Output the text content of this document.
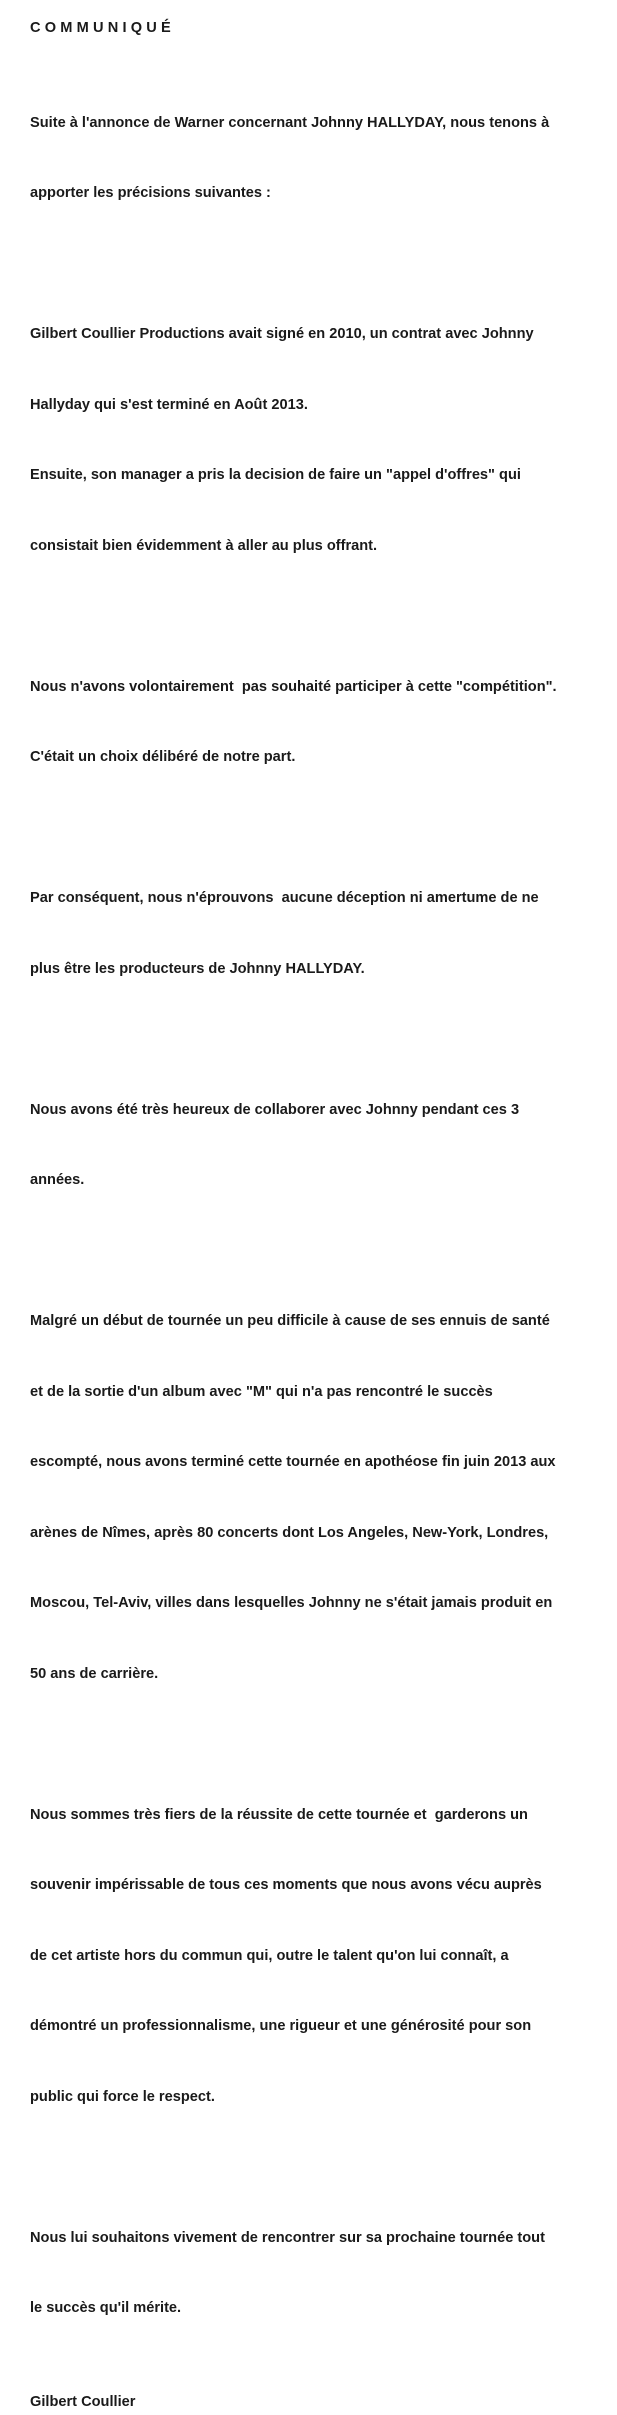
COMMUNIQUÉ

Suite à l'annonce de Warner concernant Johnny HALLYDAY, nous tenons à

apporter les précisions suivantes :

Gilbert Coullier Productions avait signé en 2010, un contrat avec Johnny

Hallyday qui s'est terminé en Août 2013.

Ensuite, son manager a pris la decision de faire un "appel d'offres" qui

consistait bien évidemment à aller au plus offrant.

Nous n'avons volontairement  pas souhaité participer à cette "compétition".

C'était un choix délibéré de notre part.

Par conséquent, nous n'éprouvons  aucune déception ni amertume de ne

plus être les producteurs de Johnny HALLYDAY.

Nous avons été très heureux de collaborer avec Johnny pendant ces 3

années.

Malgré un début de tournée un peu difficile à cause de ses ennuis de santé

et de la sortie d'un album avec "M" qui n'a pas rencontré le succès

escompté, nous avons terminé cette tournée en apothéose fin juin 2013 aux

arènes de Nîmes, après 80 concerts dont Los Angeles, New-York, Londres,

Moscou, Tel-Aviv, villes dans lesquelles Johnny ne s'était jamais produit en

50 ans de carrière.

Nous sommes très fiers de la réussite de cette tournée et  garderons un

souvenir impérissable de tous ces moments que nous avons vécu auprès

de cet artiste hors du commun qui, outre le talent qu'on lui connaît, a

démontré un professionnalisme, une rigueur et une générosité pour son

public qui force le respect.

Nous lui souhaitons vivement de rencontrer sur sa prochaine tournée tout

le succès qu'il mérite.

Gilbert Coullier
